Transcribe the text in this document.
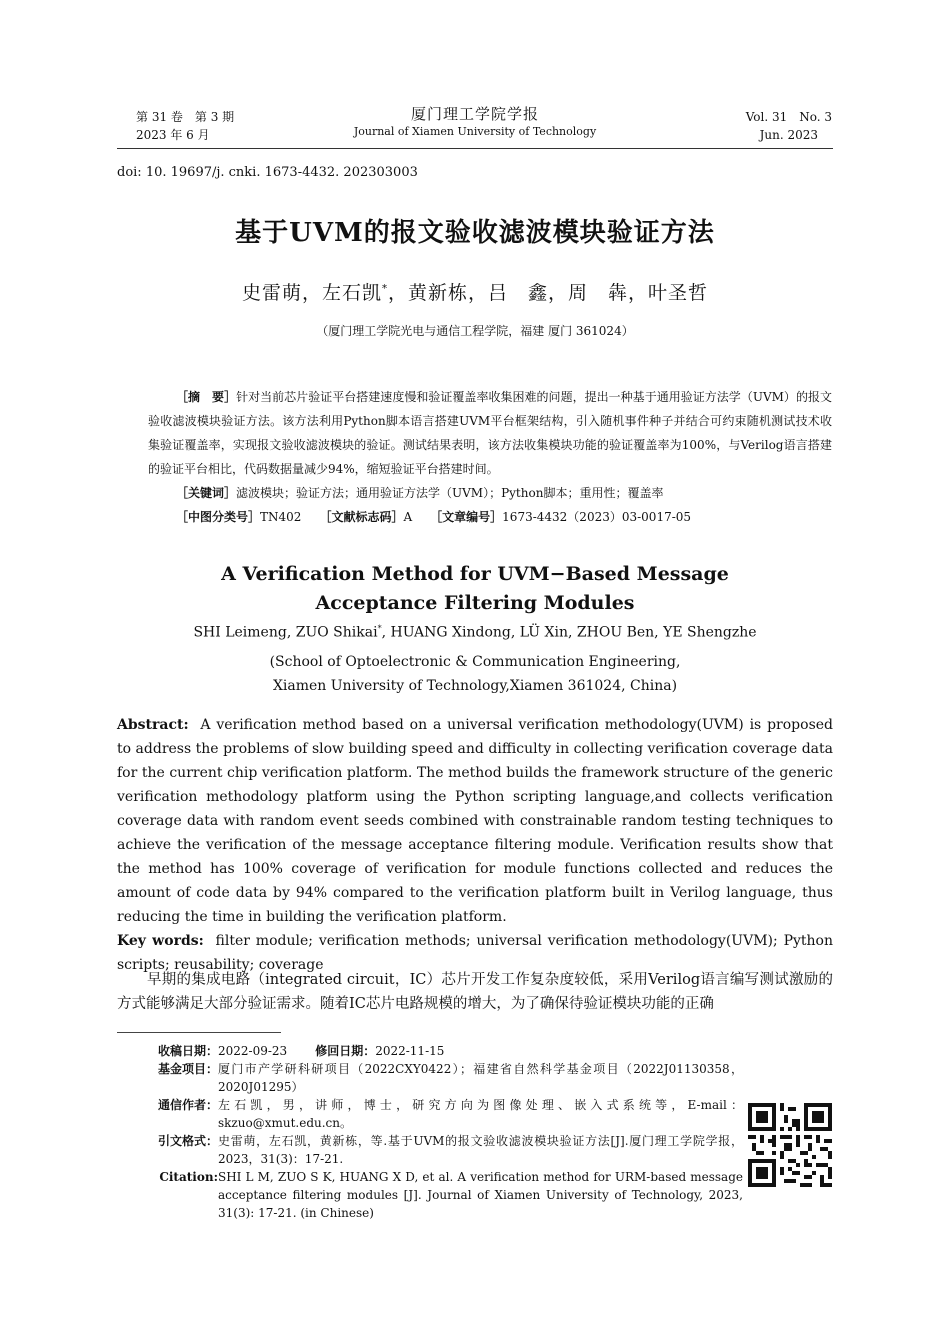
第 31 卷　第 3 期
2023 年 6 月
厦门理工学院学报
Journal of Xiamen University of Technology
Vol. 31　No. 3
Jun. 2023
doi: 10. 19697/j. cnki. 1673-4432. 202303003
基于UVM的报文验收滤波模块验证方法
史雷萌，左石凯*，黄新栋，吕　鑫，周　犇，叶圣哲
（厦门理工学院光电与通信工程学院，福建 厦门 361024）

［摘　要］针对当前芯片验证平台搭建速度慢和验证覆盖率收集困难的问题，提出一种基于通用验证方法学（UVM）的报文验收滤波模块验证方法。该方法利用Python脚本语言搭建UVM平台框架结构，引入随机事件种子并结合可约束随机测试技术收集验证覆盖率，实现报文验收滤波模块的验证。测试结果表明，该方法收集模块功能的验证覆盖率为100%，与Verilog语言搭建的验证平台相比，代码数据量减少94%，缩短验证平台搭建时间。

［关键词］滤波模块；验证方法；通用验证方法学（UVM）；Python脚本；重用性；覆盖率

［中图分类号］TN402　　 ［文献标志码］A　　 ［文章编号］1673-4432（2023）03-0017-05

A Verification Method for UVM−Based Message
Acceptance Filtering Modules
SHI Leimeng, ZUO Shikai*, HUANG Xindong, LÜ Xin, ZHOU Ben, YE Shengzhe
(School of Optoelectronic & Communication Engineering,
Xiamen University of Technology,Xiamen 361024, China)

Abstract: A verification method based on a universal verification methodology(UVM) is proposed to address the problems of slow building speed and difficulty in collecting verification coverage data for the current chip verification platform. The method builds the framework structure of the generic verification methodology platform using the Python scripting language,and collects verification coverage data with random event seeds combined with constrainable random testing techniques to achieve the verification of the message acceptance filtering module. Verification results show that the method has 100% coverage of verification for module functions collected and reduces the amount of code data by 94% compared to the verification platform built in Verilog language, thus reducing the time in building the verification platform.

Key words: filter module; verification methods; universal verification methodology(UVM); Python scripts; reusability; coverage

早期的集成电路（integrated circuit，IC）芯片开发工作复杂度较低，采用Verilog语言编写测试激励的方式能够满足大部分验证需求。随着IC芯片电路规模的增大，为了确保待验证模块功能的正确
收稿日期： 2022-09-23 修回日期：2022-11-15
基金项目： 厦门市产学研科研项目（2022CXY0422）；福建省自然科学基金项目（2022J01130358，2020J01295）
通信作者： 左石凯，男，讲师，博士，研究方向为图像处理、嵌入式系统等，E-mail：skzuo@xmut.edu.cn。
引文格式： 史雷萌，左石凯，黄新栋，等.基于UVM的报文验收滤波模块验证方法[J].厦门理工学院学报，2023，31(3)：17-21.
Citation: SHI L M, ZUO S K, HUANG X D, et al. A verification method for URM-based message acceptance filtering modules [J]. Journal of Xiamen University of Technology, 2023, 31(3): 17-21. (in Chinese)
